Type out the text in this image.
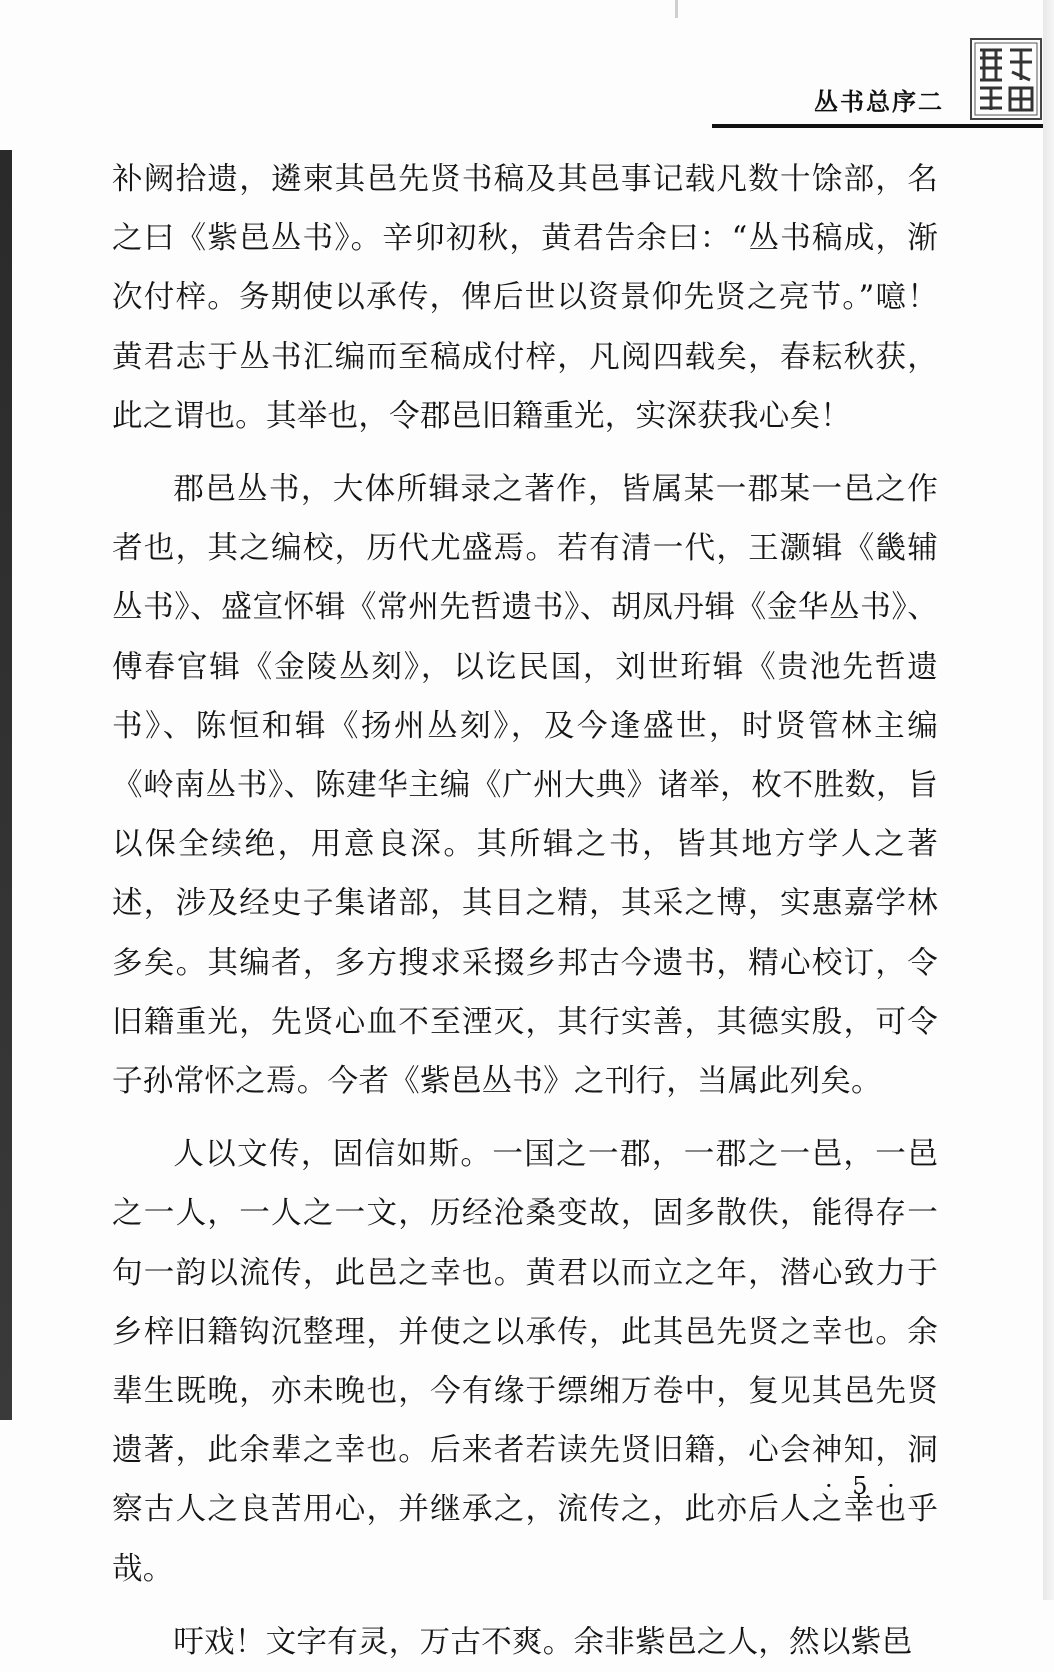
丛书总序二

补阙拾遗，遴柬其邑先贤书稿及其邑事记载凡数十馀部，名之曰《紫邑丛书》。辛卯初秋，黄君告余曰：“丛书稿成，渐次付梓。务期使以承传，俾后世以资景仰先贤之亮节。”噫！黄君志于丛书汇编而至稿成付梓，凡阅四载矣，春耘秋获，此之谓也。其举也，令郡邑旧籍重光，实深获我心矣！

郡邑丛书，大体所辑录之著作，皆属某一郡某一邑之作者也，其之编校，历代尤盛焉。若有清一代，王灏辑《畿辅丛书》、盛宣怀辑《常州先哲遗书》、胡凤丹辑《金华丛书》、傅春官辑《金陵丛刻》，以讫民国，刘世珩辑《贵池先哲遗书》、陈恒和辑《扬州丛刻》，及今逢盛世，时贤管林主编《岭南丛书》、陈建华主编《广州大典》诸举，枚不胜数，旨以保全续绝，用意良深。其所辑之书，皆其地方学人之著述，涉及经史子集诸部，其目之精，其采之博，实惠嘉学林多矣。其编者，多方搜求采掇乡邦古今遗书，精心校订，令旧籍重光，先贤心血不至湮灭，其行实善，其德实殷，可令子孙常怀之焉。今者《紫邑丛书》之刊行，当属此列矣。

人以文传，固信如斯。一国之一郡，一郡之一邑，一邑之一人，一人之一文，历经沧桑变故，固多散佚，能得存一句一韵以流传，此邑之幸也。黄君以而立之年，潜心致力于乡梓旧籍钩沉整理，并使之以承传，此其邑先贤之幸也。余辈生既晚，亦未晚也，今有缘于缥缃万卷中，复见其邑先贤遗著，此余辈之幸也。后来者若读先贤旧籍，心会神知，洞察古人之良苦用心，并继承之，流传之，此亦后人之幸也乎哉。

吁戏！文字有灵，万古不爽。余非紫邑之人，然以紫邑

· 5 ·
